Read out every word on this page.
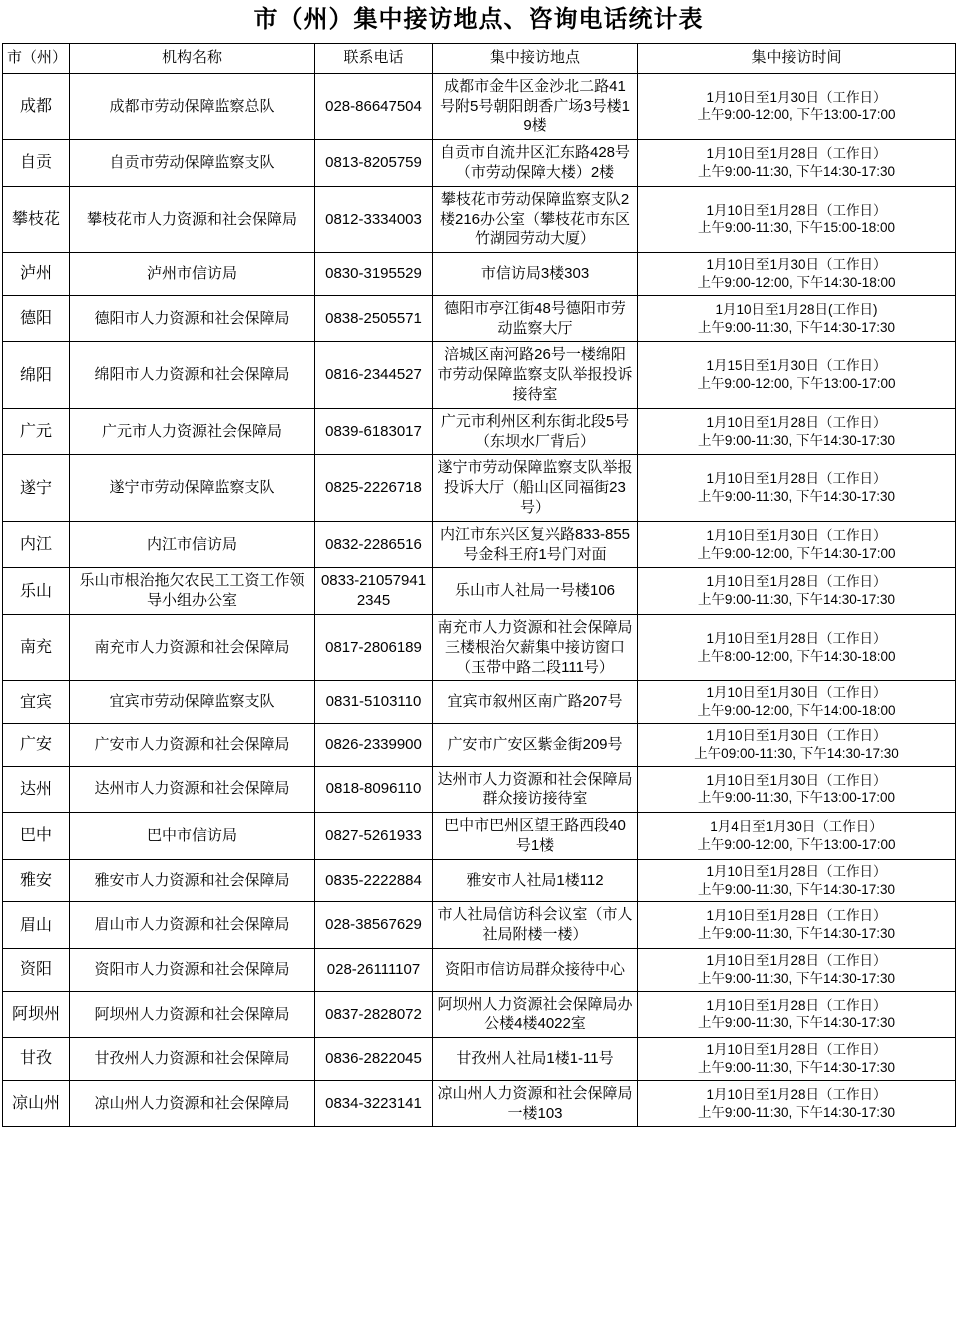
市（州）集中接访地点、咨询电话统计表
市（州）	机构名称	联系电话	集中接访地点	集中接访时间
成都	成都市劳动保障监察总队	028-86647504	成都市金牛区金沙北二路41号附5号朝阳朗香广场3号楼19楼	1月10日至1月30日（工作日）
上午9:00-12:00, 下午13:00-17:00

自贡	自贡市劳动保障监察支队	0813-8205759	自贡市自流井区汇东路428号（市劳动保障大楼）2楼	1月10日至1月28日（工作日）
上午9:00-11:30, 下午14:30-17:30

攀枝花	攀枝花市人力资源和社会保障局	0812-3334003	攀枝花市劳动保障监察支队2楼216办公室（攀枝花市东区竹湖园劳动大厦）	1月10日至1月28日（工作日）
上午9:00-11:30, 下午15:00-18:00

泸州	泸州市信访局	0830-3195529	市信访局3楼303	1月10日至1月30日（工作日）
上午9:00-12:00, 下午14:30-18:00

德阳	德阳市人力资源和社会保障局	0838-2505571	德阳市亭江街48号德阳市劳动监察大厅	1月10日至1月28日(工作日)
上午9:00-11:30, 下午14:30-17:30

绵阳	绵阳市人力资源和社会保障局	0816-2344527	涪城区南河路26号一楼绵阳市劳动保障监察支队举报投诉接待室	1月15日至1月30日（工作日）
上午9:00-12:00, 下午13:00-17:00

广元	广元市人力资源社会保障局	0839-6183017	广元市利州区利东街北段5号（东坝水厂背后）	1月10日至1月28日（工作日）
上午9:00-11:30, 下午14:30-17:30

遂宁	遂宁市劳动保障监察支队	0825-2226718	遂宁市劳动保障监察支队举报投诉大厅（船山区同福街23号）	1月10日至1月28日（工作日）
上午9:00-11:30, 下午14:30-17:30

内江	内江市信访局	0832-2286516	内江市东兴区复兴路833-855号金科王府1号门对面	1月10日至1月30日（工作日）
上午9:00-12:00, 下午14:30-17:00

乐山	乐山市根治拖欠农民工工资工作领导小组办公室	0833-210579412345	乐山市人社局一号楼106	1月10日至1月28日（工作日）
上午9:00-11:30, 下午14:30-17:30

南充	南充市人力资源和社会保障局	0817-2806189	南充市人力资源和社会保障局三楼根治欠薪集中接访窗口（玉带中路二段111号）	1月10日至1月28日（工作日）
上午8:00-12:00, 下午14:30-18:00

宜宾	宜宾市劳动保障监察支队	0831-5103110	宜宾市叙州区南广路207号	1月10日至1月30日（工作日）
上午9:00-12:00, 下午14:00-18:00

广安	广安市人力资源和社会保障局	0826-2339900	广安市广安区紫金街209号	1月10日至1月30日（工作日）
上午09:00-11:30, 下午14:30-17:30

达州	达州市人力资源和社会保障局	0818-8096110	达州市人力资源和社会保障局群众接访接待室	1月10日至1月30日（工作日）
上午9:00-11:30, 下午13:00-17:00

巴中	巴中市信访局	0827-5261933	巴中市巴州区望王路西段40号1楼	1月4日至1月30日（工作日）
上午9:00-12:00, 下午13:00-17:00

雅安	雅安市人力资源和社会保障局	0835-2222884	雅安市人社局1楼112	1月10日至1月28日（工作日）
上午9:00-11:30, 下午14:30-17:30

眉山	眉山市人力资源和社会保障局	028-38567629	市人社局信访科会议室（市人社局附楼一楼）	1月10日至1月28日（工作日）
上午9:00-11:30, 下午14:30-17:30

资阳	资阳市人力资源和社会保障局	028-26111107	资阳市信访局群众接待中心	1月10日至1月28日（工作日）
上午9:00-11:30, 下午14:30-17:30

阿坝州	阿坝州人力资源和社会保障局	0837-2828072	阿坝州人力资源社会保障局办公楼4楼4022室	1月10日至1月28日（工作日）
上午9:00-11:30, 下午14:30-17:30

甘孜	甘孜州人力资源和社会保障局	0836-2822045	甘孜州人社局1楼1-11号	1月10日至1月28日（工作日）
上午9:00-11:30, 下午14:30-17:30

凉山州	凉山州人力资源和社会保障局	0834-3223141	凉山州人力资源和社会保障局一楼103	1月10日至1月28日（工作日）
上午9:00-11:30, 下午14:30-17:30
